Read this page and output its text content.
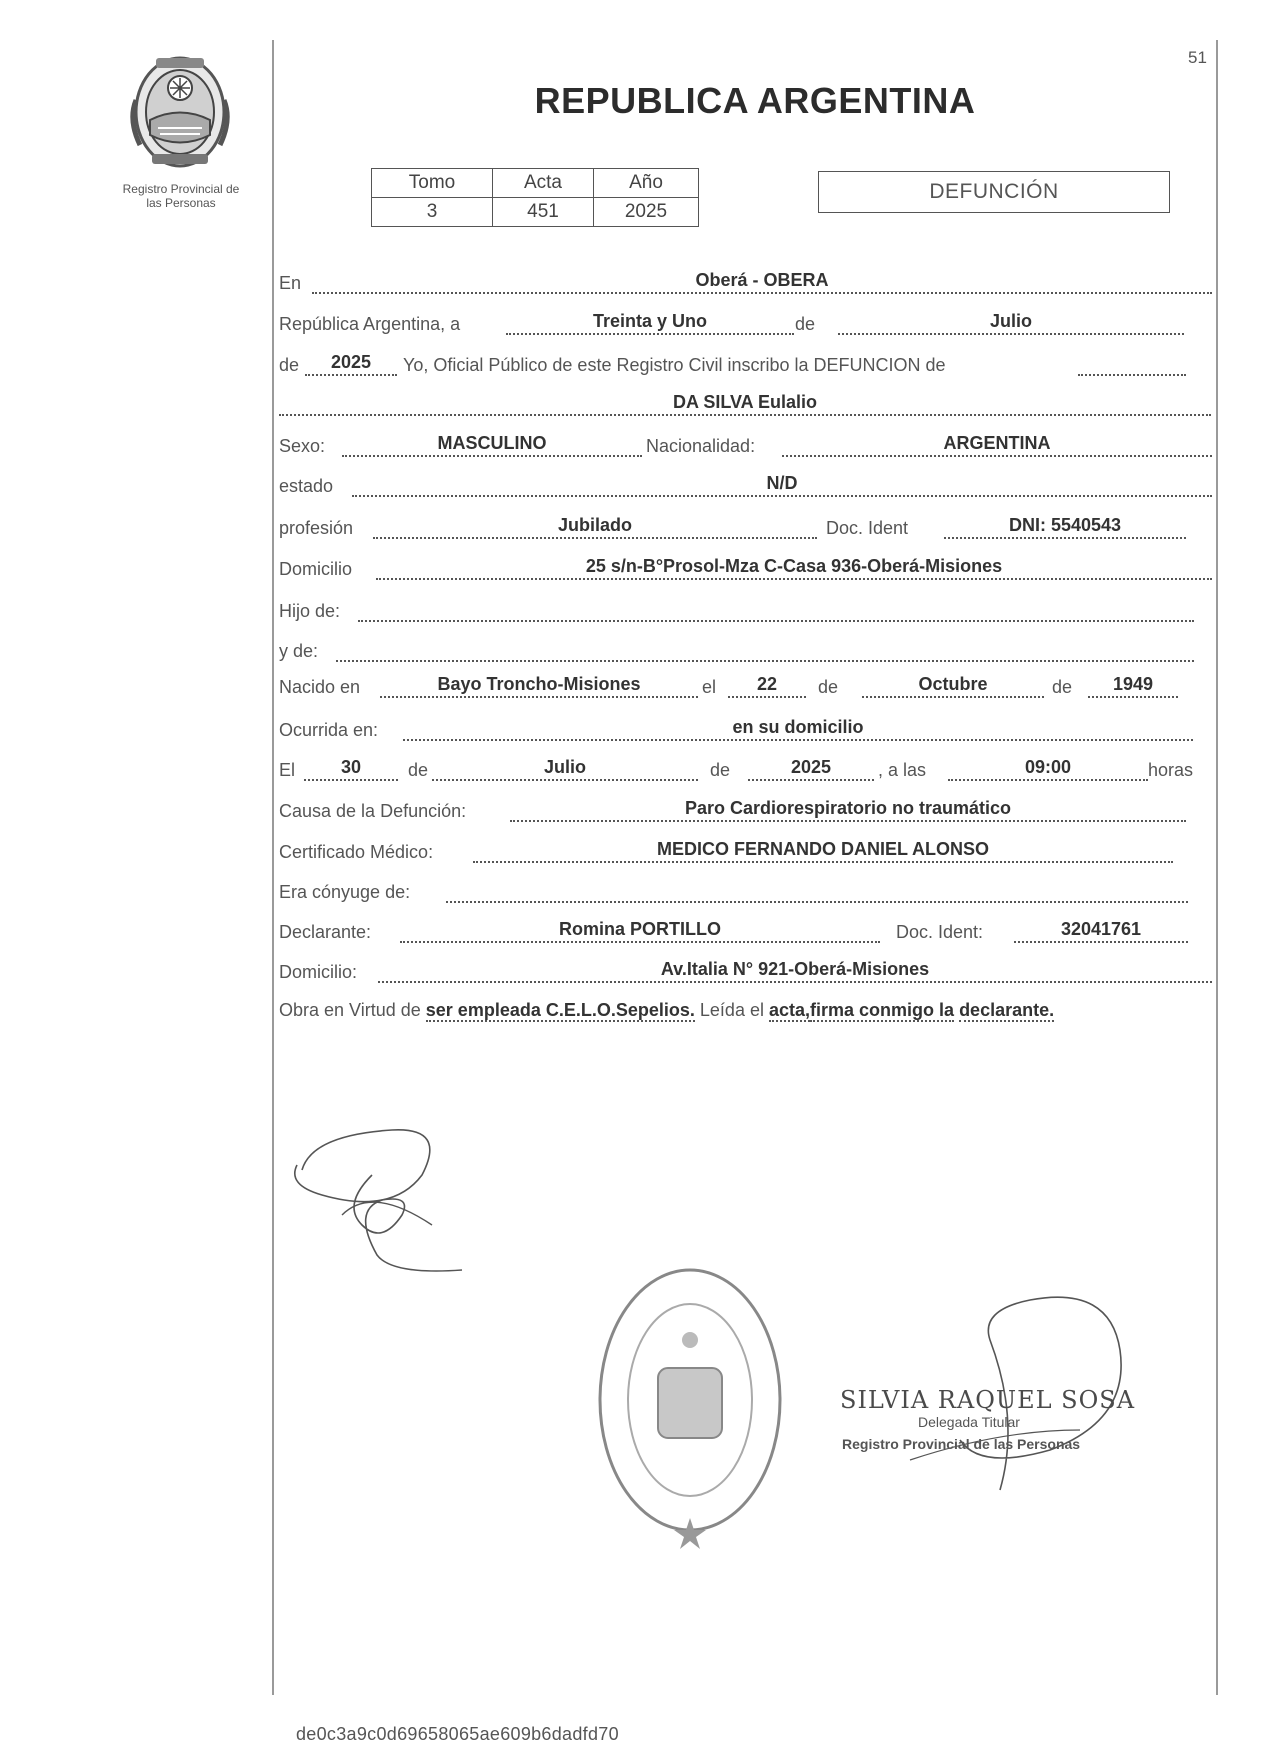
Registro Provincial de
las Personas
51
REPUBLICA ARGENTINA
Tomo	Acta	Año
3	451	2025
DEFUNCIÓN
En	Oberá - OBERA
República Argentina, a	Treinta y Uno	de	Julio
de	2025	Yo, Oficial Público de este Registro Civil inscribo la DEFUNCION de
DA SILVA Eulalio
Sexo:	MASCULINO	Nacionalidad:	ARGENTINA
estado	N/D
profesión	Jubilado	Doc. Ident	DNI: 5540543
Domicilio	25 s/n-B°Prosol-Mza C-Casa 936-Oberá-Misiones
Hijo de:
y de:
Nacido en	Bayo Troncho-Misiones	el	22	de	Octubre	de	1949
Ocurrida en:	en su domicilio
El	30	de	Julio	de	2025	, a las	09:00	horas
Causa de la Defunción:	Paro Cardiorespiratorio no traumático
Certificado Médico:	MEDICO FERNANDO DANIEL ALONSO
Era cónyuge de:
Declarante:	Romina PORTILLO	Doc. Ident:	32041761
Domicilio:	Av.Italia N° 921-Oberá-Misiones
Obra en Virtud de ser empleada C.E.L.O.Sepelios. Leída el acta,firma conmigo la declarante.
SILVIA RAQUEL SOSA
Delegada Titular
Registro Provincial de las Personas
de0c3a9c0d69658065ae609b6dadfd70
